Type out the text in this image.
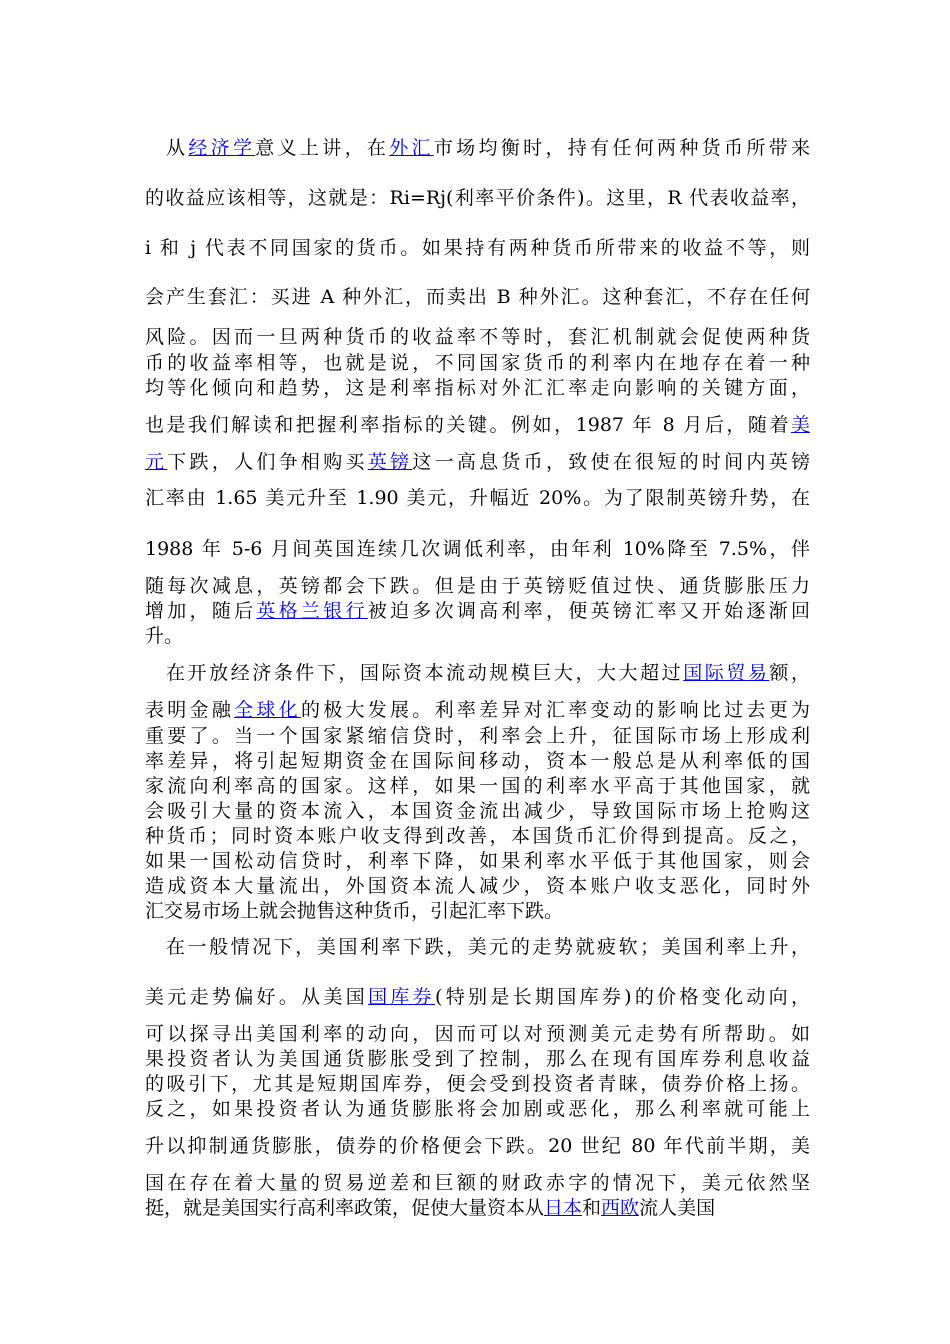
从经济学意义上讲，在外汇市场均衡时，持有任何两种货币所带来
的收益应该相等，这就是：Ri=Rj(利率平价条件)。这里，R 代表收益率，
i 和 j 代表不同国家的货币。如果持有两种货币所带来的收益不等，则
会产生套汇：买进 A 种外汇，而卖出 B 种外汇。这种套汇，不存在任何
风险。因而一旦两种货币的收益率不等时，套汇机制就会促使两种货
币的收益率相等，也就是说，不同国家货币的利率内在地存在着一种
均等化倾向和趋势，这是利率指标对外汇汇率走向影响的关键方面，
也是我们解读和把握利率指标的关键。例如，1987 年 8 月后，随着美
元下跌，人们争相购买英镑这一高息货币，致使在很短的时间内英镑
汇率由 1.65 美元升至 1.90 美元，升幅近 20%。为了限制英镑升势，在
1988 年 5-6 月间英国连续几次调低利率，由年利 10%降至 7.5%，伴
随每次减息，英镑都会下跌。但是由于英镑贬值过快、通货膨胀压力
增加，随后英格兰银行被迫多次调高利率，便英镑汇率又开始逐渐回
升。
在开放经济条件下，国际资本流动规模巨大，大大超过国际贸易额，
表明金融全球化的极大发展。利率差异对汇率变动的影响比过去更为
重要了。当一个国家紧缩信贷时，利率会上升，征国际市场上形成利
率差异，将引起短期资金在国际间移动，资本一般总是从利率低的国
家流向利率高的国家。这样，如果一国的利率水平高于其他国家，就
会吸引大量的资本流入，本国资金流出减少，导致国际市场上抢购这
种货币；同时资本账户收支得到改善，本国货币汇价得到提高。反之，
如果一国松动信贷时，利率下降，如果利率水平低于其他国家，则会
造成资本大量流出，外国资本流人减少，资本账户收支恶化，同时外
汇交易市场上就会抛售这种货币，引起汇率下跌。
在一般情况下，美国利率下跌，美元的走势就疲软；美国利率上升，
美元走势偏好。从美国国库券(特别是长期国库券)的价格变化动向，
可以探寻出美国利率的动向，因而可以对预测美元走势有所帮助。如
果投资者认为美国通货膨胀受到了控制，那么在现有国库券利息收益
的吸引下，尤其是短期国库券，便会受到投资者青睐，债券价格上扬。
反之，如果投资者认为通货膨胀将会加剧或恶化，那么利率就可能上
升以抑制通货膨胀，债券的价格便会下跌。20 世纪 80 年代前半期，美
国在存在着大量的贸易逆差和巨额的财政赤字的情况下，美元依然坚
挺，就是美国实行高利率政策，促使大量资本从日本和西欧流人美国
